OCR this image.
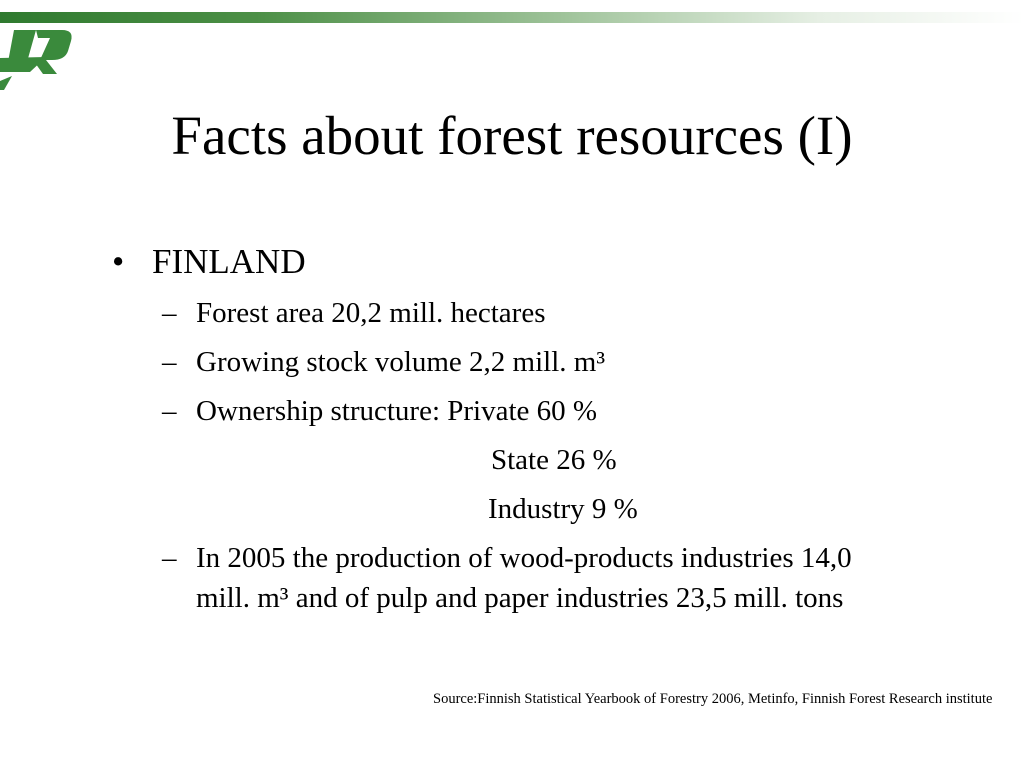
Facts about forest resources (I)
• FINLAND
– Forest area 20,2 mill. hectares
– Growing stock volume 2,2 mill. m³
– Ownership structure: Private 60 %
State 26 %
Industry 9 %
– In 2005 the production of wood-products industries 14,0 mill. m³ and of pulp and paper industries 23,5 mill. tons
Source:Finnish Statistical Yearbook of Forestry 2006, Metinfo, Finnish Forest Research institute
